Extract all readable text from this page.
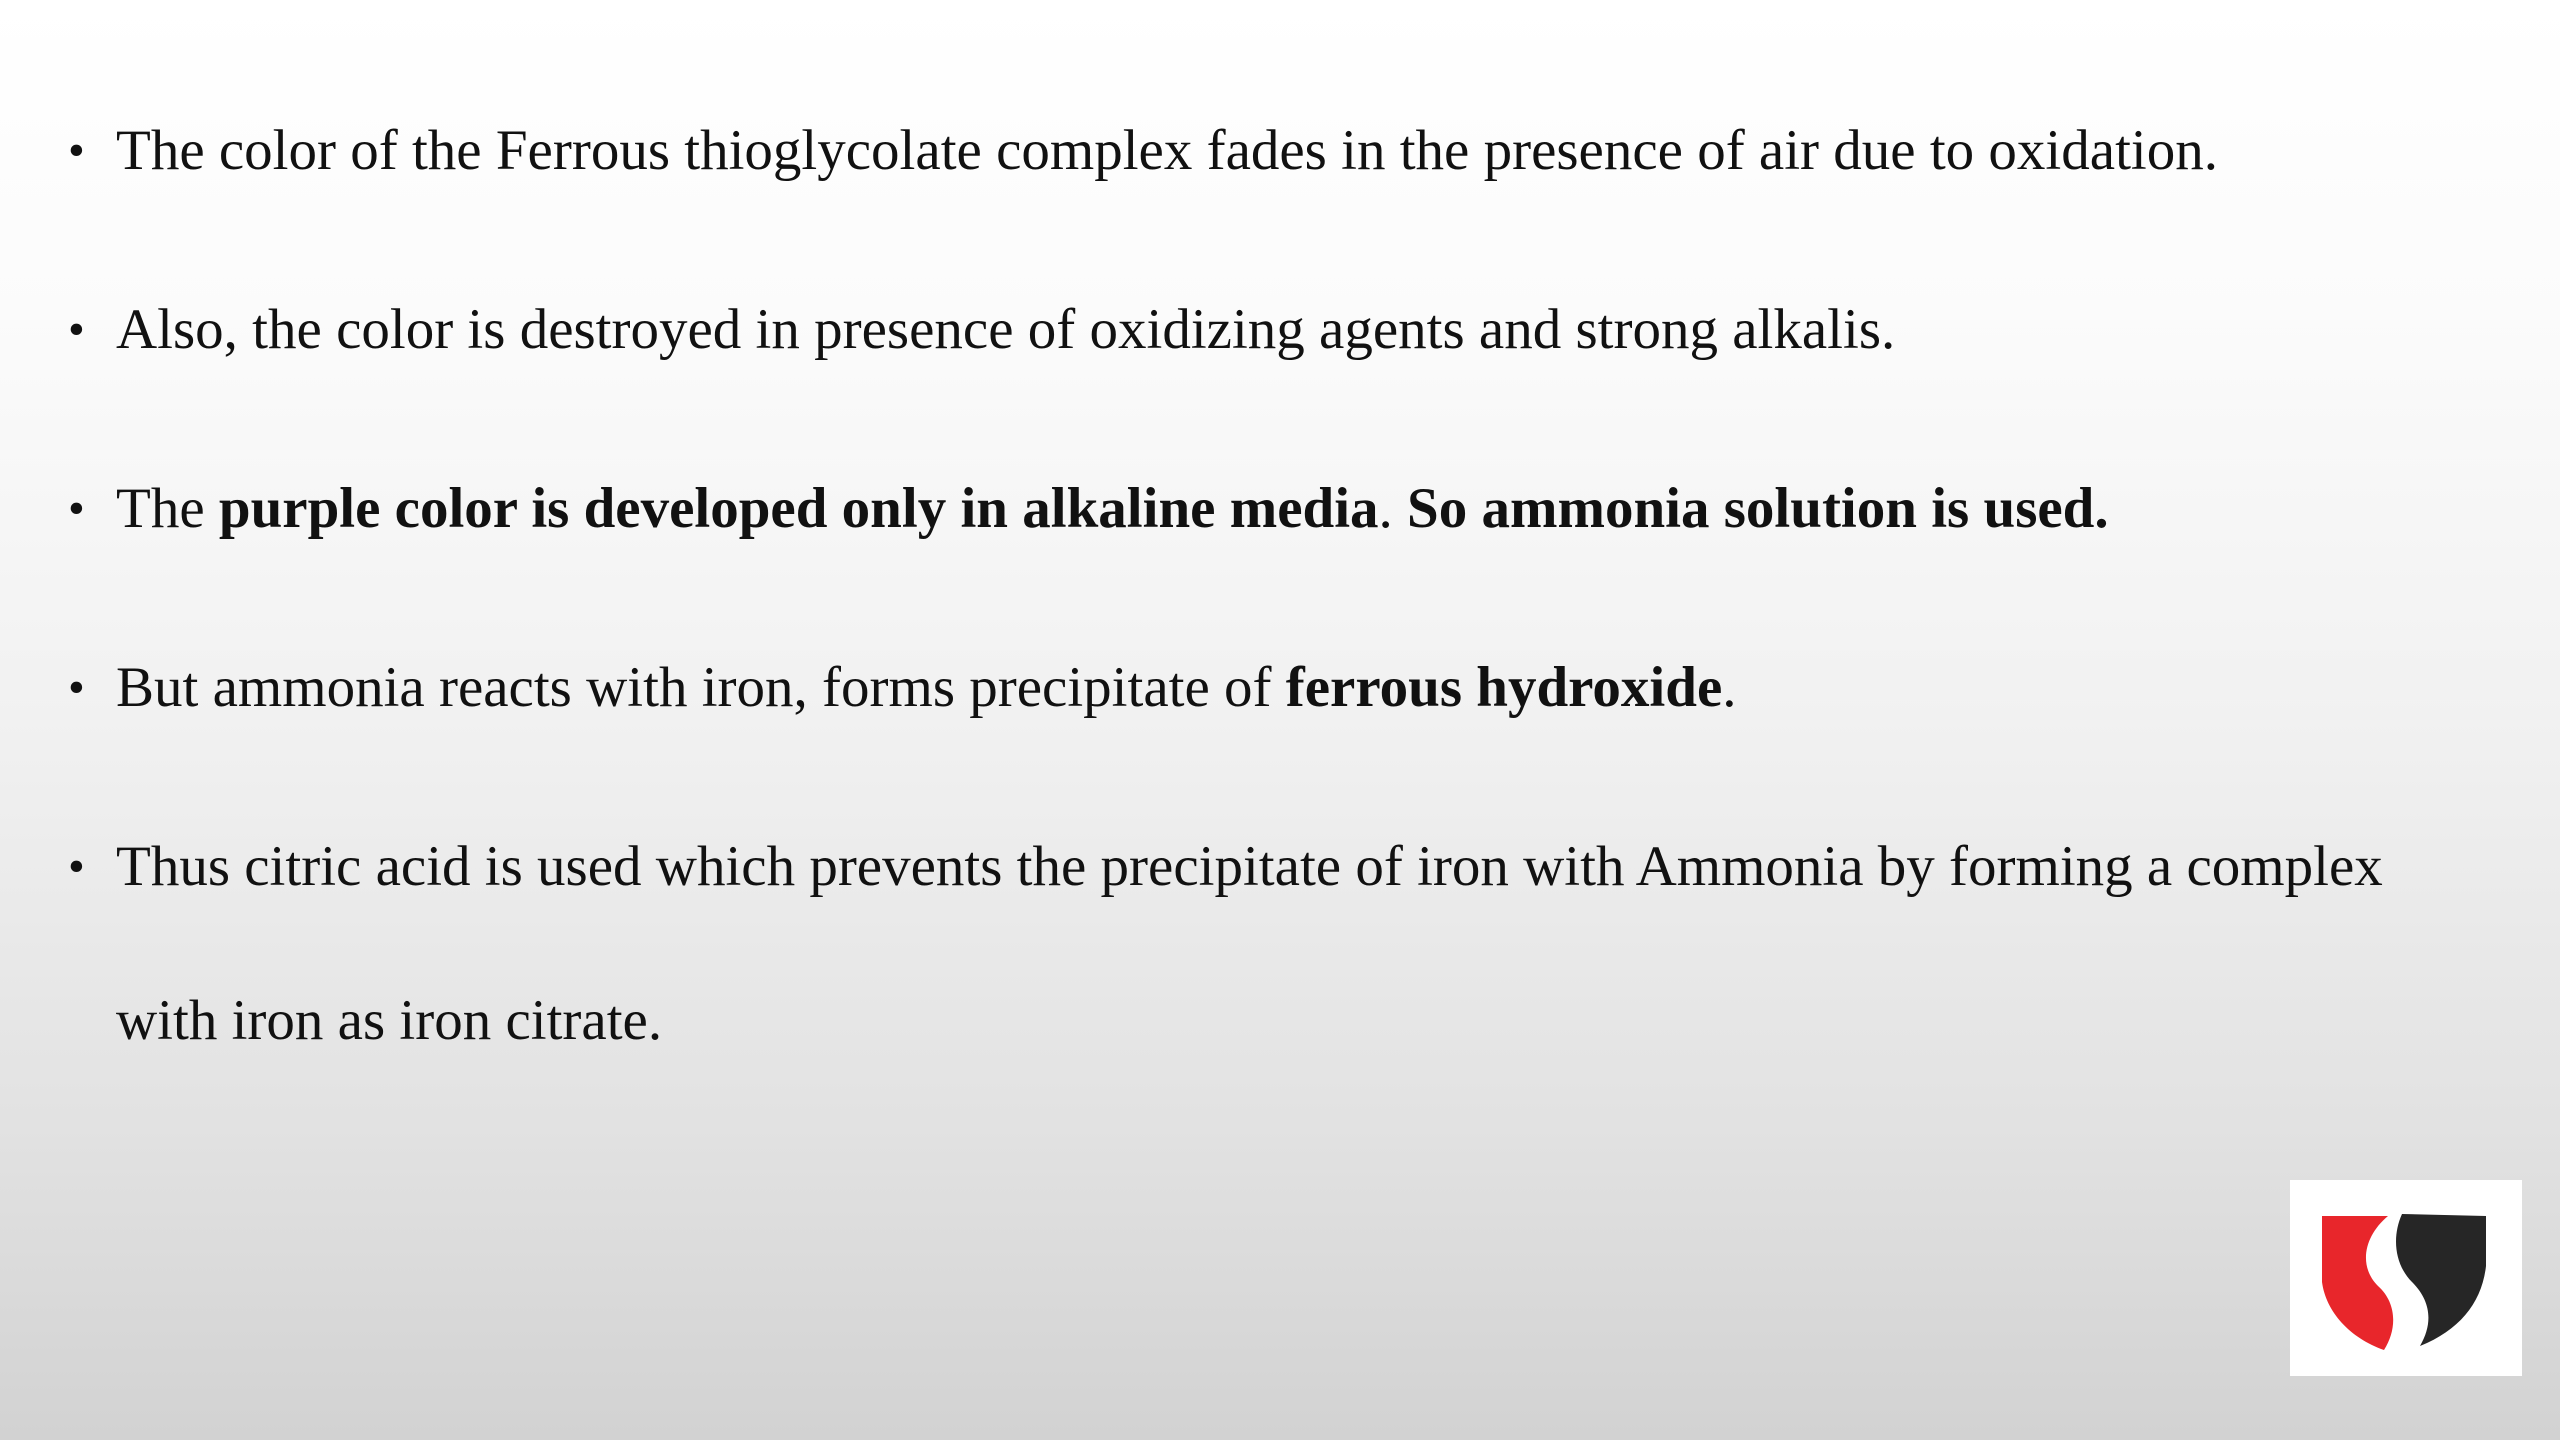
• The color of the Ferrous thioglycolate complex fades in the presence of air due to oxidation.
• Also, the color is destroyed in presence of oxidizing agents and strong alkalis.
• The purple color is developed only in alkaline media. So ammonia solution is used.
• But ammonia reacts with iron, forms precipitate of ferrous hydroxide.
• Thus citric acid is used which prevents the precipitate of iron with Ammonia by forming a complex with iron as iron citrate.
